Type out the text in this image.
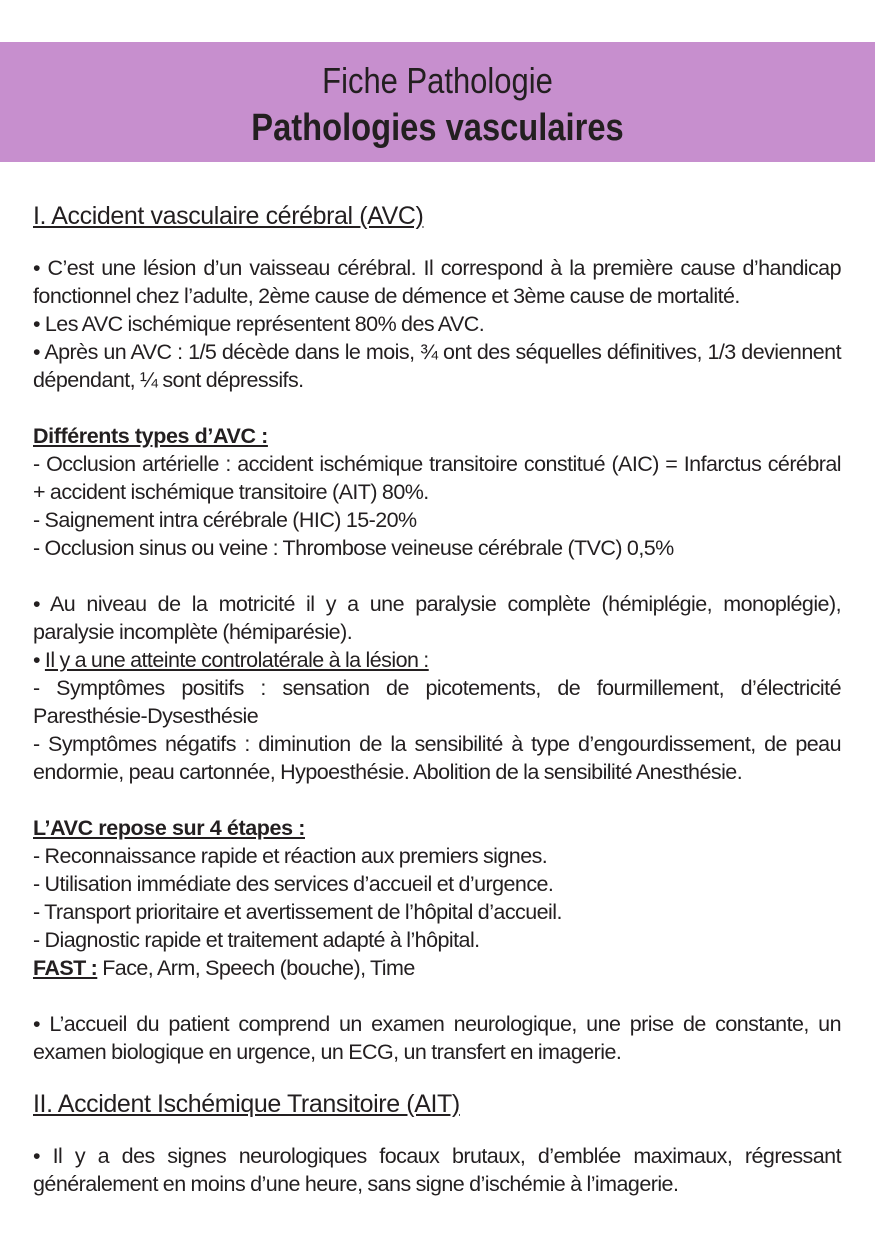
Fiche Pathologie
Pathologies vasculaires

I. Accident vasculaire cérébral (AVC)

• C’est une lésion d’un vaisseau cérébral. Il correspond à la première cause d’handicap fonctionnel chez l’adulte, 2ème cause de démence et 3ème cause de mortalité.

• Les AVC ischémique représentent 80% des AVC.

• Après un AVC : 1/5 décède dans le mois, ¾ ont des séquelles définitives, 1/3 deviennent dépendant, ¼ sont dépressifs.

Différents types d’AVC :

- Occlusion artérielle : accident ischémique transitoire constitué (AIC) = Infarctus cérébral + accident ischémique transitoire (AIT) 80%.

- Saignement intra cérébrale (HIC) 15-20%

- Occlusion sinus ou veine : Thrombose veineuse cérébrale (TVC) 0,5%

• Au niveau de la motricité il y a une paralysie complète (hémiplégie, monoplégie), paralysie incomplète (hémiparésie).

• Il y a une atteinte controlatérale à la lésion :

- Symptômes positifs : sensation de picotements, de fourmillement, d’électricité Paresthésie-Dysesthésie

- Symptômes négatifs : diminution de la sensibilité à type d’engourdissement, de peau endormie, peau cartonnée, Hypoesthésie. Abolition de la sensibilité Anesthésie.

L’AVC repose sur 4 étapes :

- Reconnaissance rapide et réaction aux premiers signes.

- Utilisation immédiate des services d’accueil et d’urgence.

- Transport prioritaire et avertissement de l’hôpital d’accueil.

- Diagnostic rapide et traitement adapté à l’hôpital.

FAST : Face, Arm, Speech (bouche), Time

• L’accueil du patient comprend un examen neurologique, une prise de constante, un examen biologique en urgence, un ECG, un transfert en imagerie.

II. Accident Ischémique Transitoire (AIT)

• Il y a des signes neurologiques focaux brutaux, d’emblée maximaux, régressant généralement en moins d’une heure, sans signe d’ischémie à l’imagerie.
